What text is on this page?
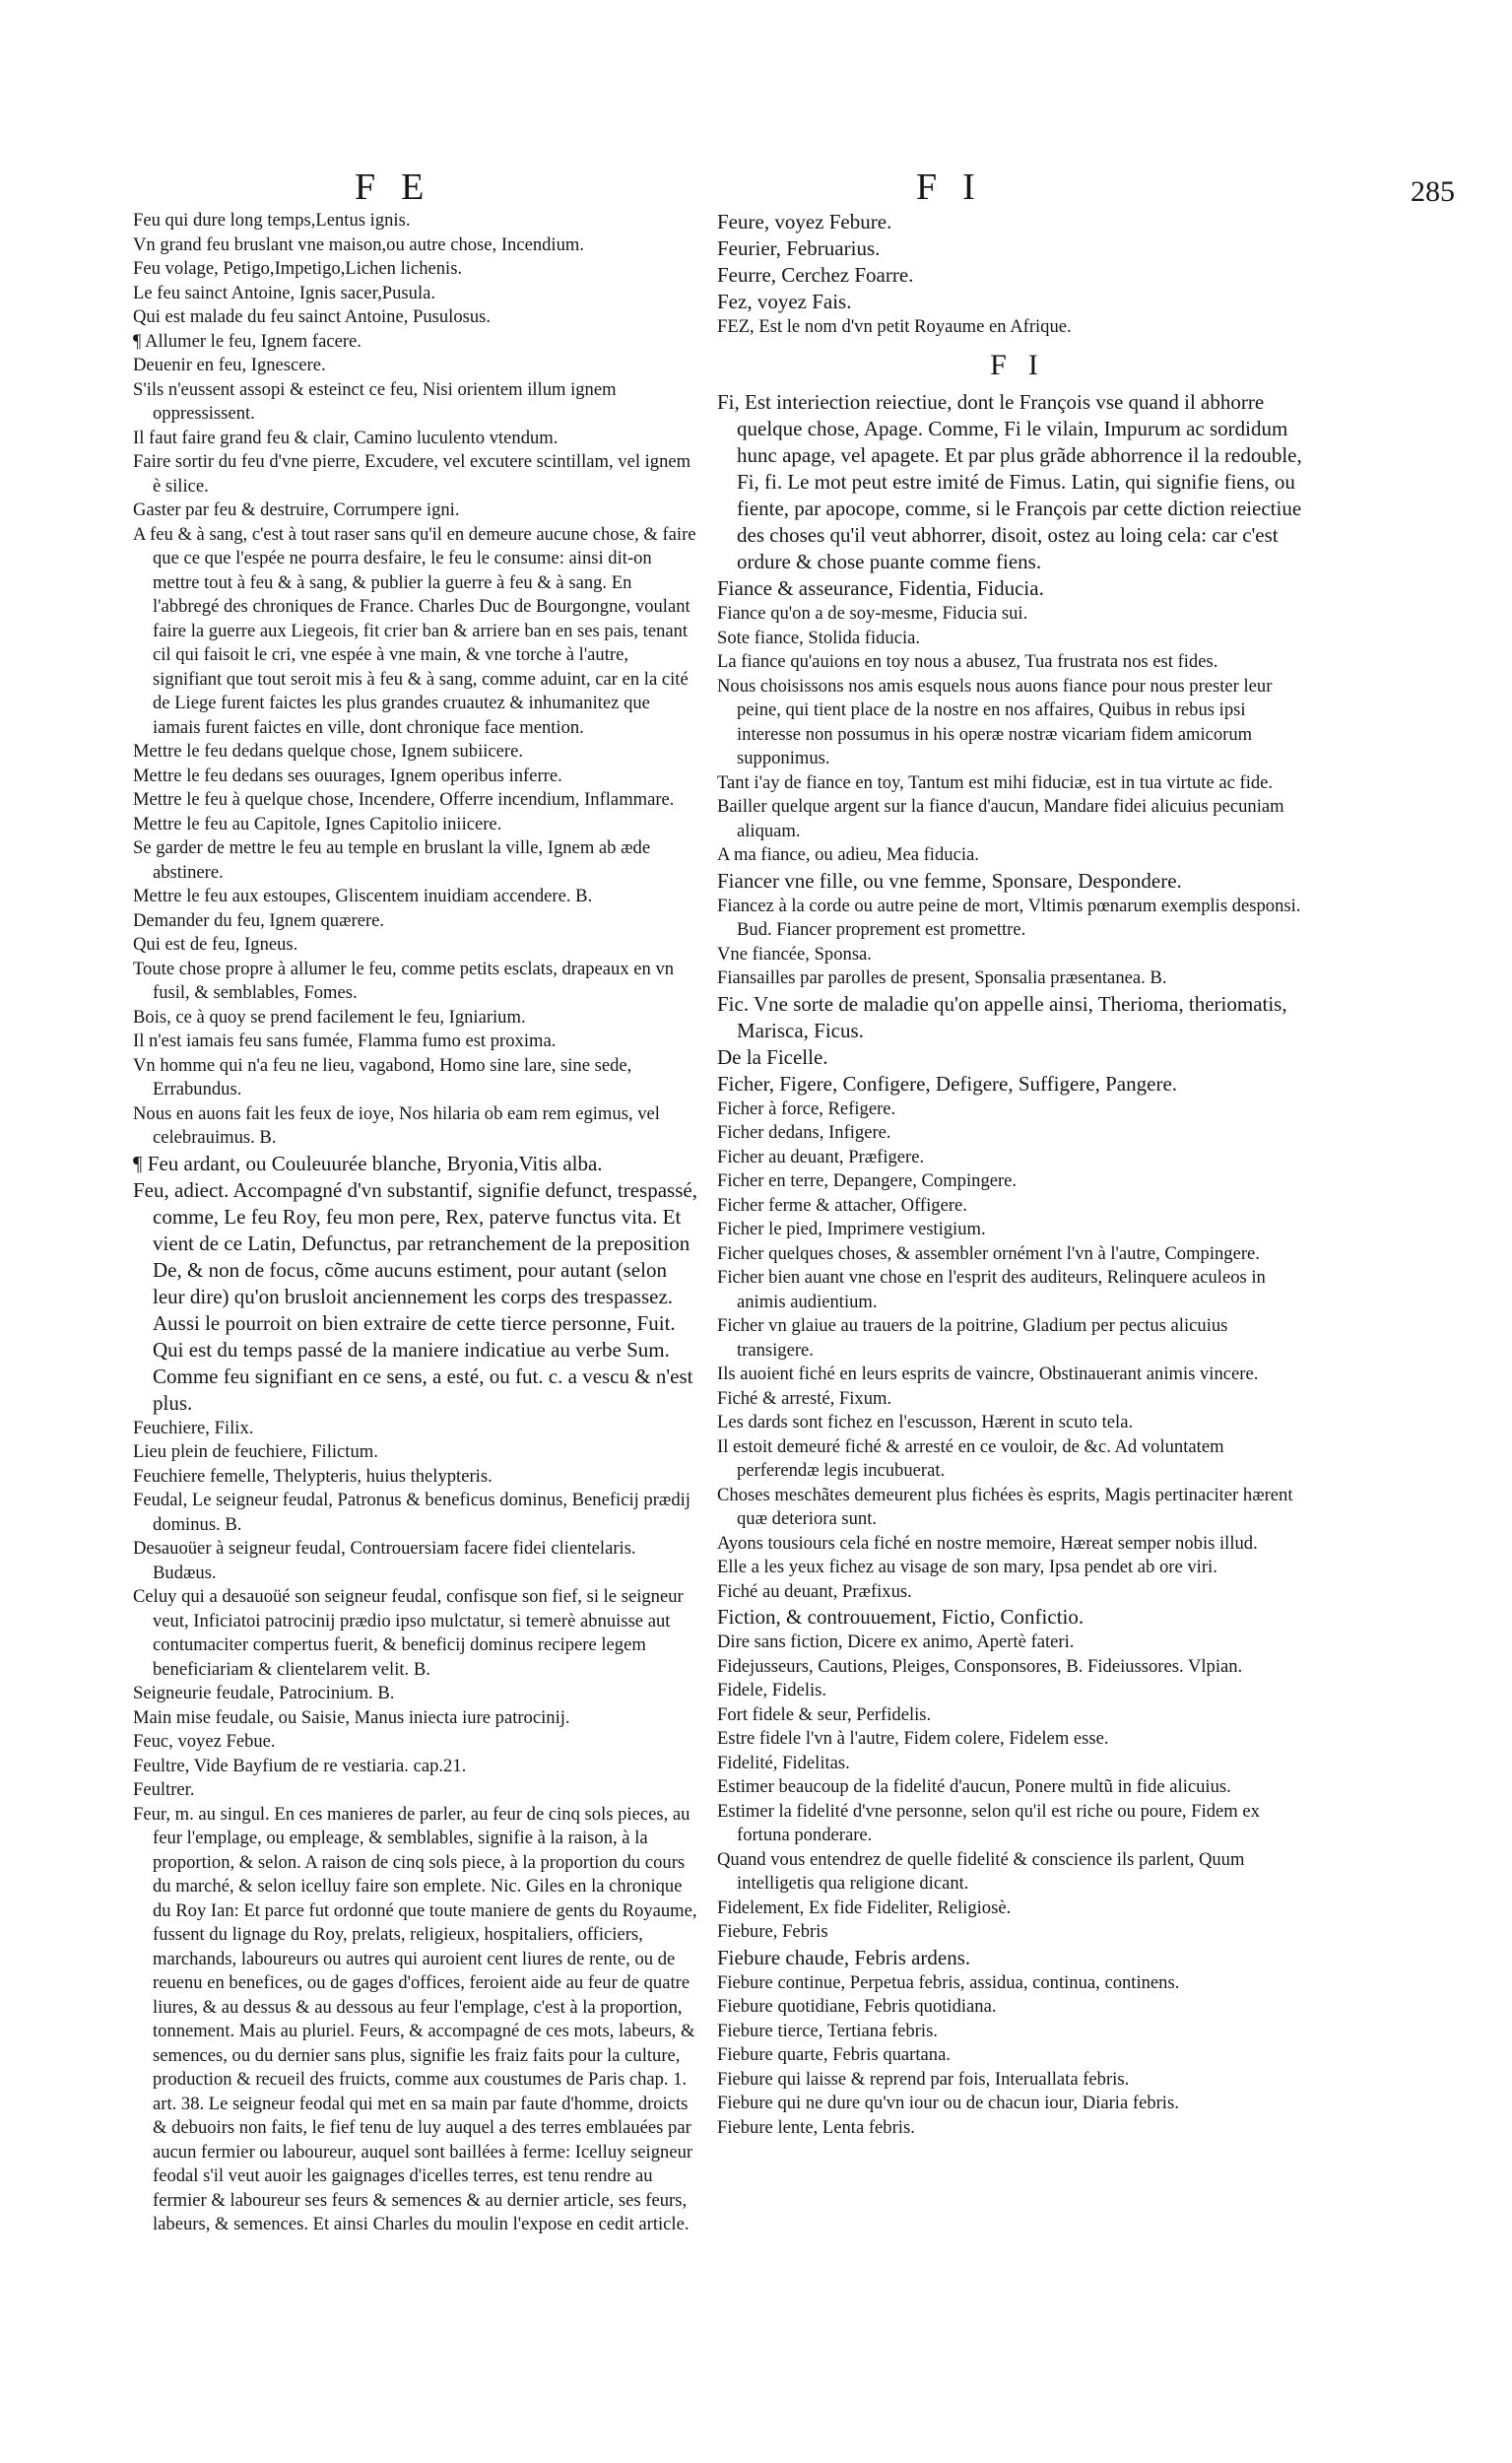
FE	FI	285

Feu qui dure long temps,Lentus ignis.

Vn grand feu bruslant vne maison,ou autre chose, Incendium.

Feu volage, Petigo,Impetigo,Lichen lichenis.

Le feu sainct Antoine, Ignis sacer,Pusula.

Qui est malade du feu sainct Antoine, Pusulosus.

¶ Allumer le feu, Ignem facere.

Deuenir en feu, Ignescere.

S'ils n'eussent assopi & esteinct ce feu, Nisi orientem illum ignem oppressissent.

Il faut faire grand feu & clair, Camino luculento vtendum.

Faire sortir du feu d'vne pierre, Excudere, vel excutere scintillam, vel ignem è silice.

Gaster par feu & destruire, Corrumpere igni.

A feu & à sang, c'est à tout raser sans qu'il en demeure aucune chose, & faire que ce que l'espée ne pourra desfaire, le feu le consume: ainsi dit-on mettre tout à feu & à sang, & publier la guerre à feu & à sang. En l'abbregé des chroniques de France. Charles Duc de Bourgongne, voulant faire la guerre aux Liegeois, fit crier ban & arriere ban en ses pais, tenant cil qui faisoit le cri, vne espée à vne main, & vne torche à l'autre, signifiant que tout seroit mis à feu & à sang, comme aduint, car en la cité de Liege furent faictes les plus grandes cruautez & inhumanitez que iamais furent faictes en ville, dont chronique face mention.

Mettre le feu dedans quelque chose, Ignem subiicere.

Mettre le feu dedans ses ouurages, Ignem operibus inferre.

Mettre le feu à quelque chose, Incendere, Offerre incendium, Inflammare.

Mettre le feu au Capitole, Ignes Capitolio iniicere.

Se garder de mettre le feu au temple en bruslant la ville, Ignem ab æde abstinere.

Mettre le feu aux estoupes, Gliscentem inuidiam accendere. B.

Demander du feu, Ignem quærere.

Qui est de feu, Igneus.

Toute chose propre à allumer le feu, comme petits esclats, drapeaux en vn fusil, & semblables, Fomes.

Bois, ce à quoy se prend facilement le feu, Igniarium.

Il n'est iamais feu sans fumée, Flamma fumo est proxima.

Vn homme qui n'a feu ne lieu, vagabond, Homo sine lare, sine sede, Errabundus.

Nous en auons fait les feux de ioye, Nos hilaria ob eam rem egimus, vel celebrauimus. B.

¶ Feu ardant, ou Couleuurée blanche, Bryonia,Vitis alba.

Feu, adiect. Accompagné d'vn substantif, signifie defunct, trespassé, comme, Le feu Roy, feu mon pere, Rex, paterve functus vita. Et vient de ce Latin, Defunctus, par retranchement de la preposition De, & non de focus, cõme aucuns estiment, pour autant (selon leur dire) qu'on brusloit anciennement les corps des trespassez. Aussi le pourroit on bien extraire de cette tierce personne, Fuit. Qui est du temps passé de la maniere indicatiue au verbe Sum. Comme feu signifiant en ce sens, a esté, ou fut. c. a vescu & n'est plus.

Feuchiere, Filix.

Lieu plein de feuchiere, Filictum.

Feuchiere femelle, Thelypteris, huius thelypteris.

Feudal, Le seigneur feudal, Patronus & beneficus dominus, Beneficij prædij dominus. B.

Desauoüer à seigneur feudal, Controuersiam facere fidei clientelaris. Budæus.

Celuy qui a desauoüé son seigneur feudal, confisque son fief, si le seigneur veut, Inficiatoi patrocinij prædio ipso mulctatur, si temerè abnuisse aut contumaciter compertus fuerit, & beneficij dominus recipere legem beneficiariam & clientelarem velit. B.

Seigneurie feudale, Patrocinium. B.

Main mise feudale, ou Saisie, Manus iniecta iure patrocinij.

Feuc, voyez Febue.

Feultre, Vide Bayfium de re vestiaria. cap.21.

Feultrer.

Feur, m. au singul. En ces manieres de parler, au feur de cinq sols pieces, au feur l'emplage, ou empleage, & semblables, signifie à la raison, à la proportion, & selon. A raison de cinq sols piece, à la proportion du cours du marché, & selon icelluy faire son emplete. Nic. Giles en la chronique du Roy Ian: Et parce fut ordonné que toute maniere de gents du Royaume, fussent du lignage du Roy, prelats, religieux, hospitaliers, officiers, marchands, laboureurs ou autres qui auroient cent liures de rente, ou de reuenu en benefices, ou de gages d'offices, feroient aide au feur de quatre liures, & au dessus & au dessous au feur l'emplage, c'est à la proportion, tonnement. Mais au pluriel. Feurs, & accompagné de ces mots, labeurs, & semences, ou du dernier sans plus, signifie les fraiz faits pour la culture, production & recueil des fruicts, comme aux coustumes de Paris chap. 1. art. 38. Le seigneur feodal qui met en sa main par faute d'homme, droicts & debuoirs non faits, le fief tenu de luy auquel a des terres emblauées par aucun fermier ou laboureur, auquel sont baillées à ferme: Icelluy seigneur feodal s'il veut auoir les gaignages d'icelles terres, est tenu rendre au fermier & laboureur ses feurs & semences & au dernier article, ses feurs, labeurs, & semences. Et ainsi Charles du moulin l'expose en cedit article.

Feure, voyez Febure.

Feurier, Februarius.

Feurre, Cerchez Foarre.

Fez, voyez Fais.

FEZ, Est le nom d'vn petit Royaume en Afrique.

FI

Fi, Est interiection reiectiue, dont le François vse quand il abhorre quelque chose, Apage. Comme, Fi le vilain, Impurum ac sordidum hunc apage, vel apagete. Et par plus grãde abhorrence il la redouble, Fi, fi. Le mot peut estre imité de Fimus. Latin, qui signifie fiens, ou fiente, par apocope, comme, si le François par cette diction reiectiue des choses qu'il veut abhorrer, disoit, ostez au loing cela: car c'est ordure & chose puante comme fiens.

Fiance & asseurance, Fidentia, Fiducia.

Fiance qu'on a de soy-mesme, Fiducia sui.

Sote fiance, Stolida fiducia.

La fiance qu'auions en toy nous a abusez, Tua frustrata nos est fides.

Nous choisissons nos amis esquels nous auons fiance pour nous prester leur peine, qui tient place de la nostre en nos affaires, Quibus in rebus ipsi interesse non possumus in his operæ nostræ vicariam fidem amicorum supponimus.

Tant i'ay de fiance en toy, Tantum est mihi fiduciæ, est in tua virtute ac fide.

Bailler quelque argent sur la fiance d'aucun, Mandare fidei alicuius pecuniam aliquam.

A ma fiance, ou adieu, Mea fiducia.

Fiancer vne fille, ou vne femme, Sponsare, Despondere.

Fiancez à la corde ou autre peine de mort, Vltimis pœnarum exemplis desponsi. Bud. Fiancer proprement est promettre.

Vne fiancée, Sponsa.

Fiansailles par parolles de present, Sponsalia præsentanea. B.

Fic. Vne sorte de maladie qu'on appelle ainsi, Therioma, theriomatis, Marisca, Ficus.

De la Ficelle.

Ficher, Figere, Configere, Defigere, Suffigere, Pangere.

Ficher à force, Refigere.

Ficher dedans, Infigere.

Ficher au deuant, Præfigere.

Ficher en terre, Depangere, Compingere.

Ficher ferme & attacher, Offigere.

Ficher le pied, Imprimere vestigium.

Ficher quelques choses, & assembler ornément l'vn à l'autre, Compingere.

Ficher bien auant vne chose en l'esprit des auditeurs, Relinquere aculeos in animis audientium.

Ficher vn glaiue au trauers de la poitrine, Gladium per pectus alicuius transigere.

Ils auoient fiché en leurs esprits de vaincre, Obstinauerant animis vincere.

Fiché & arresté, Fixum.

Les dards sont fichez en l'escusson, Hærent in scuto tela.

Il estoit demeuré fiché & arresté en ce vouloir, de &c. Ad voluntatem perferendæ legis incubuerat.

Choses meschãtes demeurent plus fichées ès esprits, Magis pertinaciter hærent quæ deteriora sunt.

Ayons tousiours cela fiché en nostre memoire, Hæreat semper nobis illud.

Elle a les yeux fichez au visage de son mary, Ipsa pendet ab ore viri.

Fiché au deuant, Præfixus.

Fiction, & controuuement, Fictio, Confictio.

Dire sans fiction, Dicere ex animo, Apertè fateri.

Fidejusseurs, Cautions, Pleiges, Consponsores, B. Fideiussores. Vlpian.

Fidele, Fidelis.

Fort fidele & seur, Perfidelis.

Estre fidele l'vn à l'autre, Fidem colere, Fidelem esse.

Fidelité, Fidelitas.

Estimer beaucoup de la fidelité d'aucun, Ponere multũ in fide alicuius.

Estimer la fidelité d'vne personne, selon qu'il est riche ou poure, Fidem ex fortuna ponderare.

Quand vous entendrez de quelle fidelité & conscience ils parlent, Quum intelligetis qua religione dicant.

Fidelement, Ex fide Fideliter, Religiosè.

Fiebure, Febris

Fiebure chaude, Febris ardens.

Fiebure continue, Perpetua febris, assidua, continua, continens.

Fiebure quotidiane, Febris quotidiana.

Fiebure tierce, Tertiana febris.

Fiebure quarte, Febris quartana.

Fiebure qui laisse & reprend par fois, Interuallata febris.

Fiebure qui ne dure qu'vn iour ou de chacun iour, Diaria febris.

Fiebure lente, Lenta febris.
